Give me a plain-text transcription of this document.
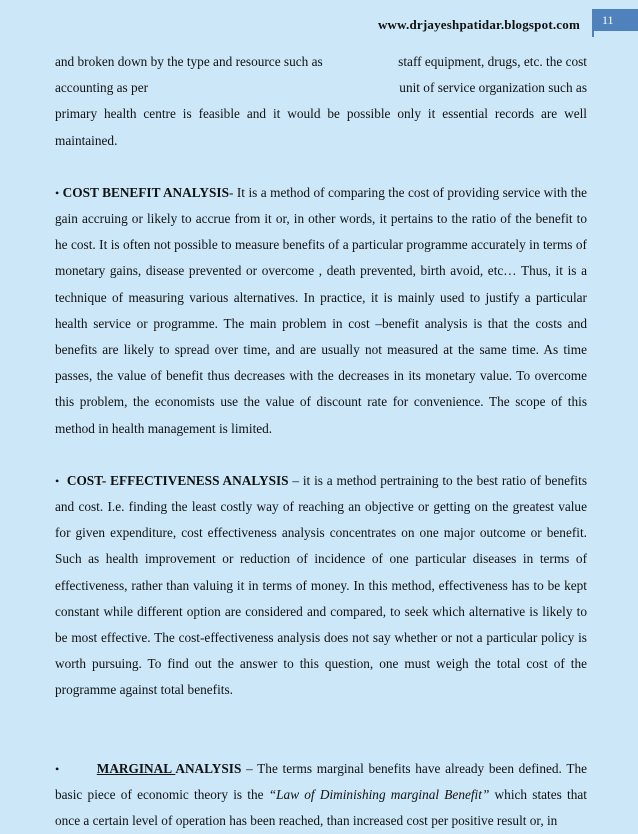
www.drjayeshpatidar.blogspot.com	11
and broken down by the type and resource such as	staff equipment, drugs, etc. the cost
accounting as per	unit of service organization such as

primary health centre is feasible and it would be possible only it essential records are well maintained.

• COST BENEFIT ANALYSIS- It is a method of comparing the cost of providing service with the gain accruing or likely to accrue from it or, in other words, it pertains to the ratio of the benefit to he cost. It is often not possible to measure benefits of a particular programme accurately in terms of monetary gains, disease prevented or overcome , death prevented, birth avoid, etc… Thus, it is a technique of measuring various alternatives. In practice, it is mainly used to justify a particular health service or programme. The main problem in cost –benefit analysis is that the costs and benefits are likely to spread over time, and are usually not measured at the same time. As time passes, the value of benefit thus decreases with the decreases in its monetary value. To overcome this problem, the economists use the value of discount rate for convenience. The scope of this method in health management is limited.

• COST- EFFECTIVENESS ANALYSIS – it is a method pertraining to the best ratio of benefits and cost. I.e. finding the least costly way of reaching an objective or getting on the greatest value for given expenditure, cost effectiveness analysis concentrates on one major outcome or benefit. Such as health improvement or reduction of incidence of one particular diseases in terms of effectiveness, rather than valuing it in terms of money. In this method, effectiveness has to be kept constant while different option are considered and compared, to seek which alternative is likely to be most effective. The cost-effectiveness analysis does not say whether or not a particular policy is worth pursuing. To find out the answer to this question, one must weigh the total cost of the programme against total benefits.

•	MARGINAL ANALYSIS – The terms marginal benefits have already been defined. The basic piece of economic theory is the “Law of Diminishing marginal Benefit” which states that once a certain level of operation has been reached, than increased cost per positive result or, in
